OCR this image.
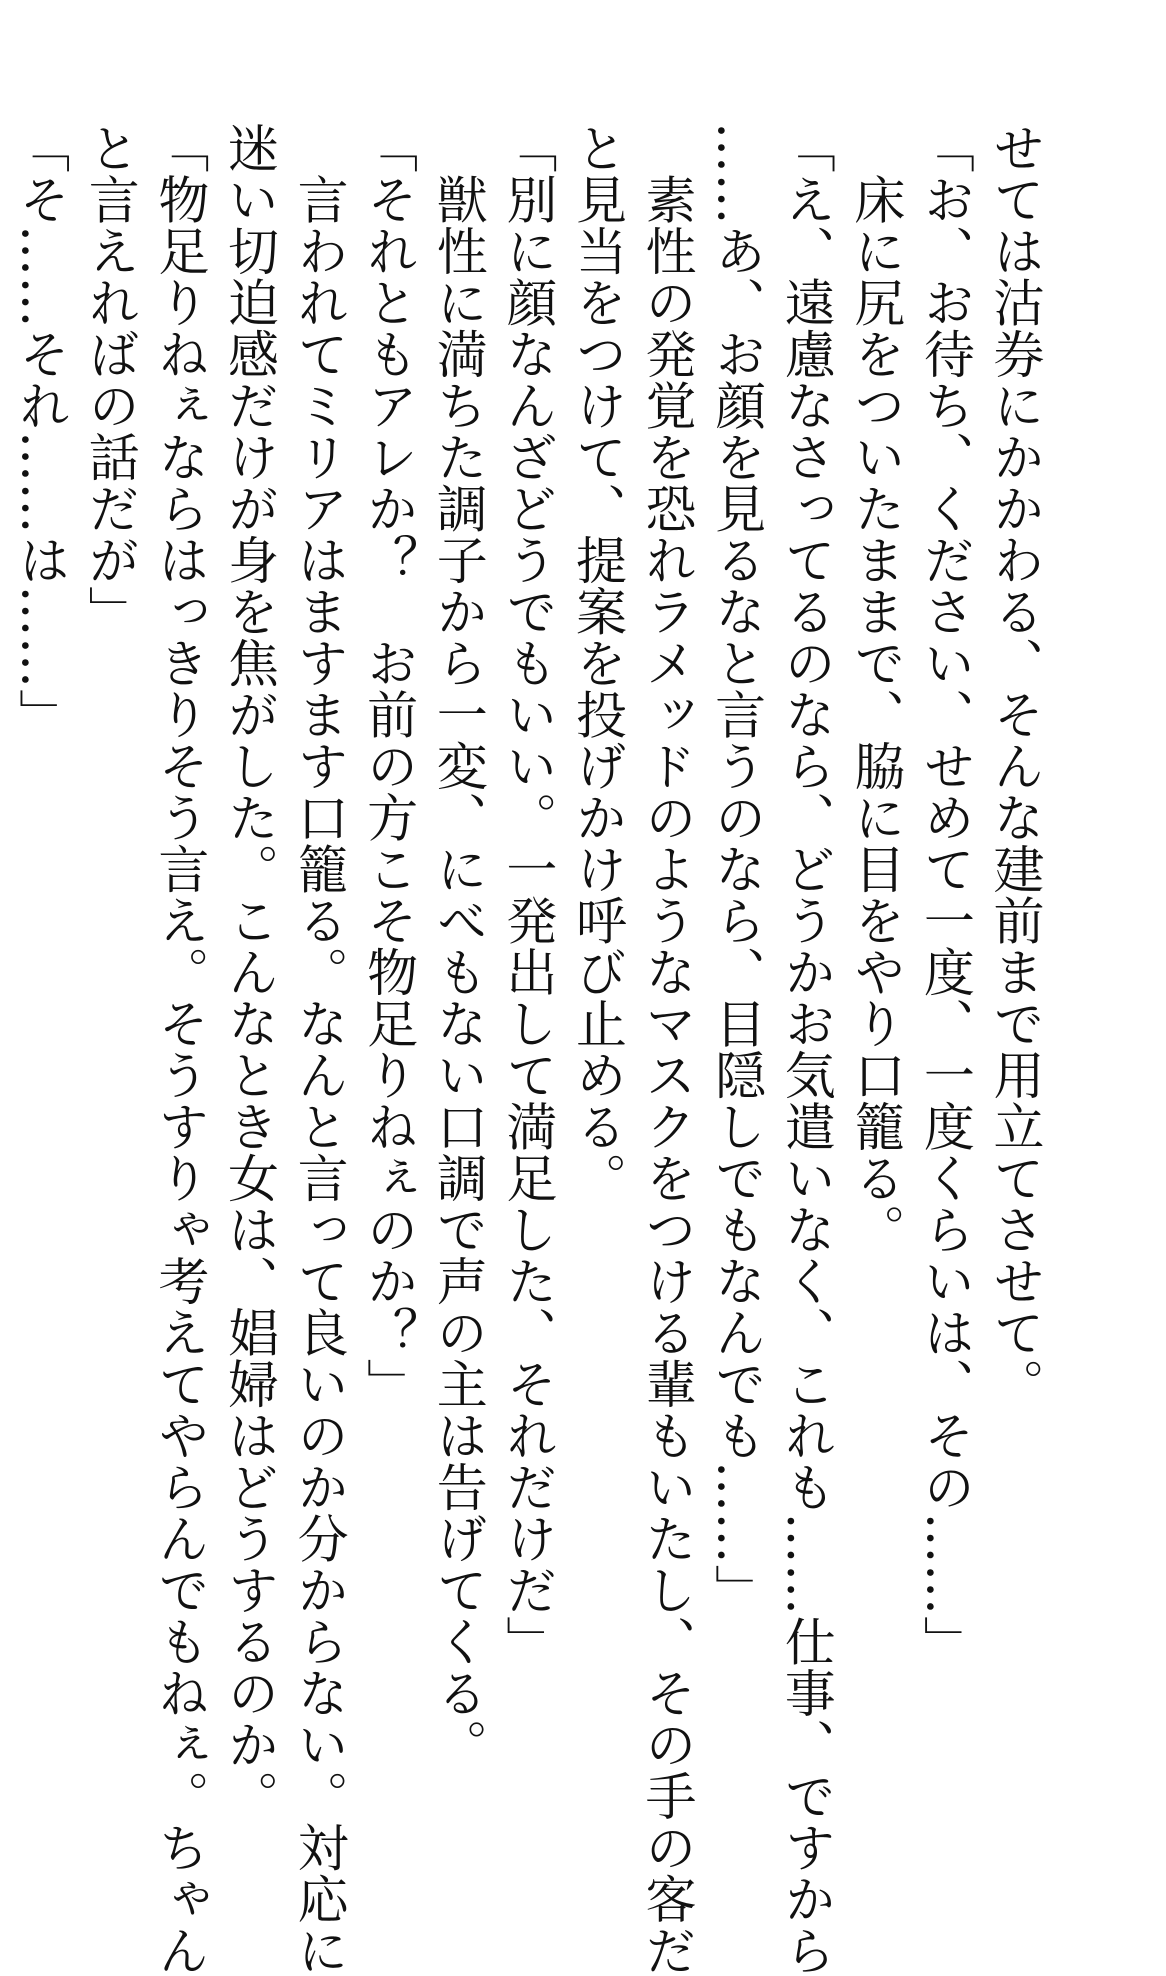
せては沽券にかかわる、そんな建前まで用立てさせて。

「お、お待ち、ください、せめて一度、一度くらいは、その……」

　床に尻をついたままで、脇に目をやり口籠る。

「え、遠慮なさってるのなら、どうかお気遣いなく、これも……仕事、ですから

……あ、お顔を見るなと言うのなら、目隠しでもなんでも……」

　素性の発覚を恐れラメッドのようなマスクをつける輩もいたし、その手の客だ

と見当をつけて、提案を投げかけ呼び止める。

「別に顔なんざどうでもいい。一発出して満足した、それだけだ」

　獣性に満ちた調子から一変、にべもない口調で声の主は告げてくる。

「それともアレか？　お前の方こそ物足りねぇのか？」

　言われてミリアはますます口籠る。なんと言って良いのか分からない。対応に

迷い切迫感だけが身を焦がした。こんなとき女は、娼婦はどうするのか。

「物足りねぇならはっきりそう言え。そうすりゃ考えてやらんでもねぇ。ちゃん

と言えればの話だが」

「そ……それ……は……」
